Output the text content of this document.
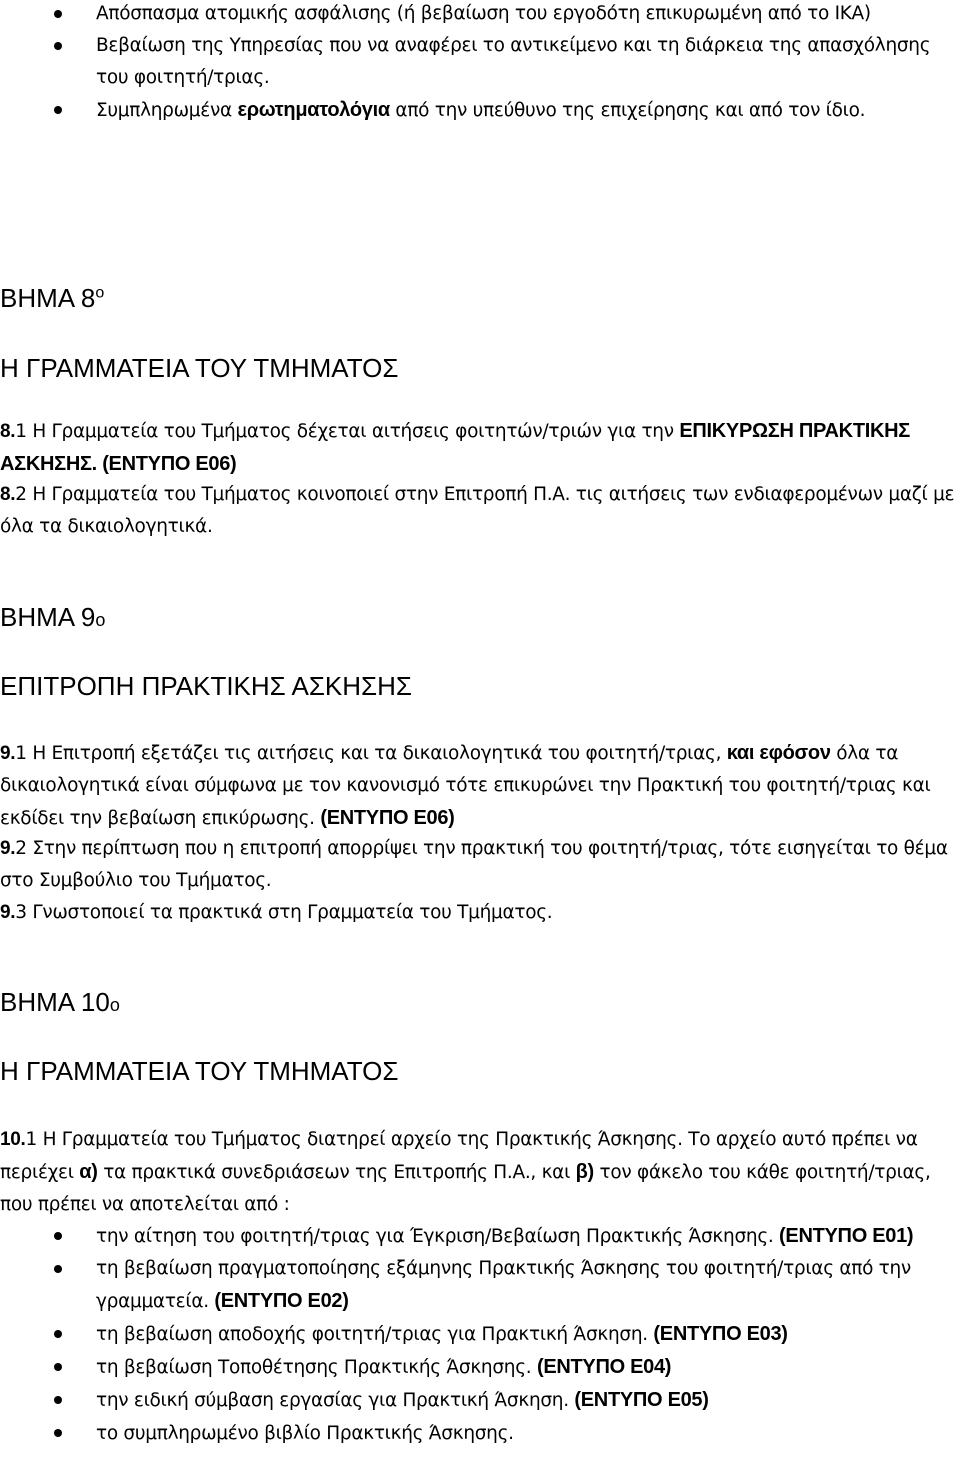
Απόσπασμα ατομικής ασφάλισης (ή βεβαίωση του εργοδότη επικυρωμένη από το ΙΚΑ)
Βεβαίωση της Υπηρεσίας που να αναφέρει το αντικείμενο και τη διάρκεια της απασχόλησης του φοιτητή/τριας.
Συμπληρωμένα ερωτηματολόγια από την υπεύθυνο της επιχείρησης και από τον ίδιο.
ΒΗΜΑ $8^o$
Η ΓΡΑΜΜΑΤΕΙΑ ΤΟΥ ΤΜΗΜΑΤΟΣ

8.1 Η Γραμματεία του Τμήματος δέχεται αιτήσεις φοιτητών/τριών για την ΕΠΙΚΥΡΩΣΗ ΠΡΑΚΤΙΚΗΣ ΑΣΚΗΣΗΣ. (ΕΝΤΥΠΟ Ε06)

8.2 Η Γραμματεία του Τμήματος κοινοποιεί στην Επιτροπή Π.Α. τις αιτήσεις των ενδιαφερομένων μαζί με όλα τα δικαιολογητικά.

ΒΗΜΑ 9ο
ΕΠΙΤΡΟΠΗ ΠΡΑΚΤΙΚΗΣ ΑΣΚΗΣΗΣ

9.1 Η Επιτροπή εξετάζει τις αιτήσεις και τα δικαιολογητικά του φοιτητή/τριας, και εφόσον όλα τα δικαιολογητικά είναι σύμφωνα με τον κανονισμό τότε επικυρώνει την Πρακτική του φοιτητή/τριας και εκδίδει την βεβαίωση επικύρωσης. (ΕΝΤΥΠΟ Ε06)

9.2 Στην περίπτωση που η επιτροπή απορρίψει την πρακτική του φοιτητή/τριας, τότε εισηγείται το θέμα στο Συμβούλιο του Τμήματος.

9.3 Γνωστοποιεί τα πρακτικά στη Γραμματεία του Τμήματος.

ΒΗΜΑ 10ο
Η ΓΡΑΜΜΑΤΕΙΑ ΤΟΥ ΤΜΗΜΑΤΟΣ

10.1 Η Γραμματεία του Τμήματος διατηρεί αρχείο της Πρακτικής Άσκησης. Το αρχείο αυτό πρέπει να περιέχει α) τα πρακτικά συνεδριάσεων της Επιτροπής Π.Α., και β) τον φάκελο του κάθε φοιτητή/τριας, που πρέπει να αποτελείται από :

την αίτηση του φοιτητή/τριας για Έγκριση/Βεβαίωση Πρακτικής Άσκησης. (ΕΝΤΥΠΟ Ε01)
τη βεβαίωση πραγματοποίησης εξάμηνης Πρακτικής Άσκησης του φοιτητή/τριας από την γραμματεία. (ΕΝΤΥΠΟ Ε02)
τη βεβαίωση αποδοχής φοιτητή/τριας για Πρακτική Άσκηση. (ΕΝΤΥΠΟ Ε03)
τη βεβαίωση Τοποθέτησης Πρακτικής Άσκησης. (ΕΝΤΥΠΟ Ε04)
την ειδική σύμβαση εργασίας για Πρακτική Άσκηση. (ΕΝΤΥΠΟ Ε05)
το συμπληρωμένο βιβλίο Πρακτικής Άσκησης.
